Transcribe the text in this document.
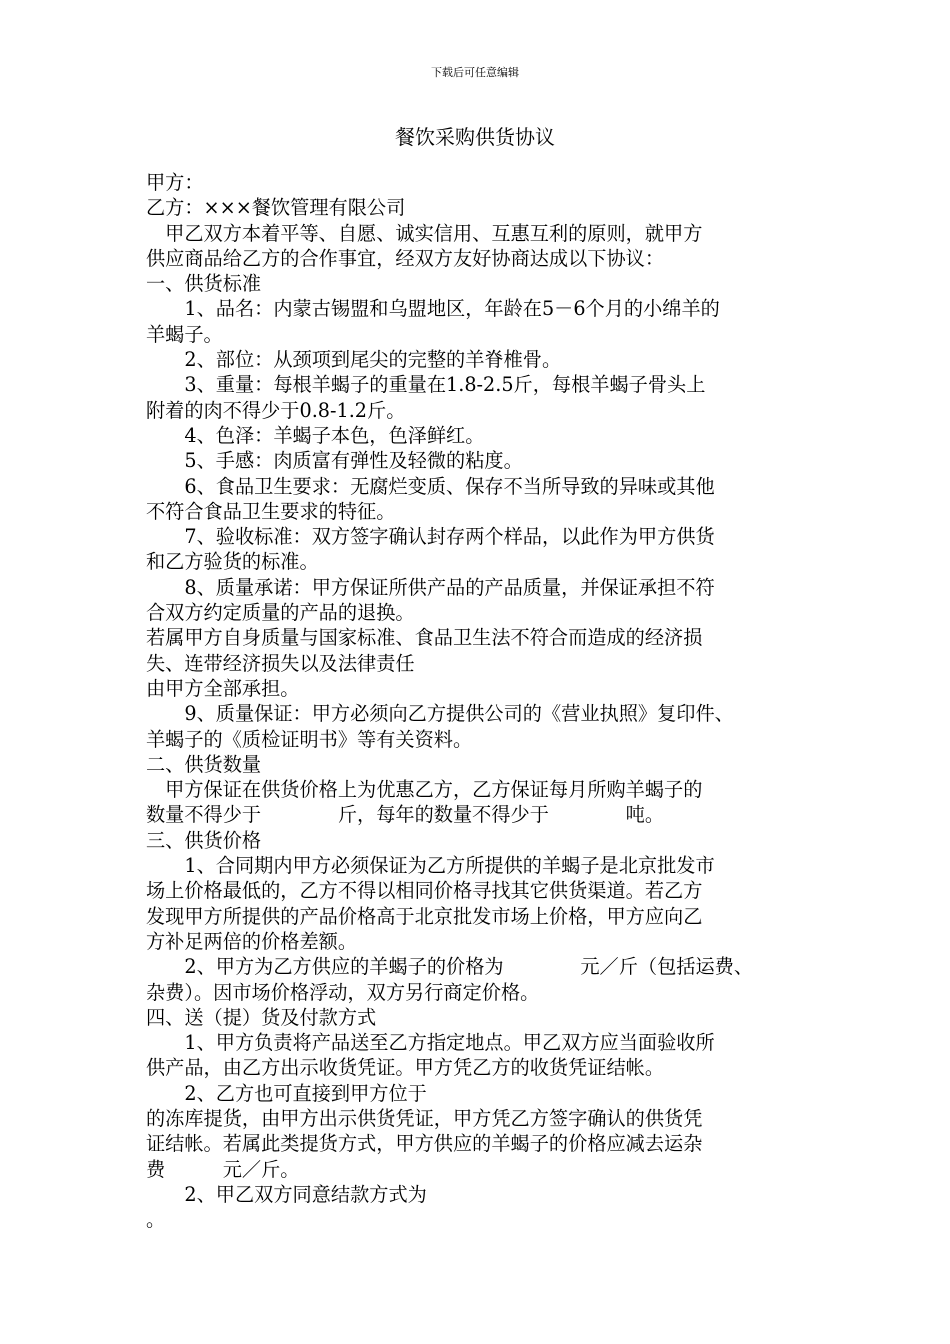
下载后可任意编辑
餐饮采购供货协议
甲方：
乙方：×××餐饮管理有限公司
　甲乙双方本着平等、自愿、诚实信用、互惠互利的原则，就甲方
供应商品给乙方的合作事宜，经双方友好协商达成以下协议：
一、供货标准
　　1、品名：内蒙古锡盟和乌盟地区，年龄在5－6个月的小绵羊的
羊蝎子。
　　2、部位：从颈项到尾尖的完整的羊脊椎骨。
　　3、重量：每根羊蝎子的重量在1.8-2.5斤，每根羊蝎子骨头上
附着的肉不得少于0.8-1.2斤。
　　4、色泽：羊蝎子本色，色泽鲜红。
　　5、手感：肉质富有弹性及轻微的粘度。
　　6、食品卫生要求：无腐烂变质、保存不当所导致的异味或其他
不符合食品卫生要求的特征。
　　7、验收标准：双方签字确认封存两个样品，以此作为甲方供货
和乙方验货的标准。
　　8、质量承诺：甲方保证所供产品的产品质量，并保证承担不符
合双方约定质量的产品的退换。
若属甲方自身质量与国家标准、食品卫生法不符合而造成的经济损
失、连带经济损失以及法律责任
由甲方全部承担。
　　9、质量保证：甲方必须向乙方提供公司的《营业执照》复印件、
羊蝎子的《质检证明书》等有关资料。
二、供货数量
　甲方保证在供货价格上为优惠乙方，乙方保证每月所购羊蝎子的
数量不得少于　　　　斤，每年的数量不得少于　　　　吨。
三、供货价格
　　1、合同期内甲方必须保证为乙方所提供的羊蝎子是北京批发市
场上价格最低的，乙方不得以相同价格寻找其它供货渠道。若乙方
发现甲方所提供的产品价格高于北京批发市场上价格，甲方应向乙
方补足两倍的价格差额。
　　2、甲方为乙方供应的羊蝎子的价格为　　　　元／斤（包括运费、
杂费）。因市场价格浮动，双方另行商定价格。
四、送（提）货及付款方式
　　1、甲方负责将产品送至乙方指定地点。甲乙双方应当面验收所
供产品，由乙方出示收货凭证。甲方凭乙方的收货凭证结帐。
　　2、乙方也可直接到甲方位于
的冻库提货，由甲方出示供货凭证，甲方凭乙方签字确认的供货凭
证结帐。若属此类提货方式，甲方供应的羊蝎子的价格应减去运杂
费　　　元／斤。
　　2、甲乙双方同意结款方式为
。
